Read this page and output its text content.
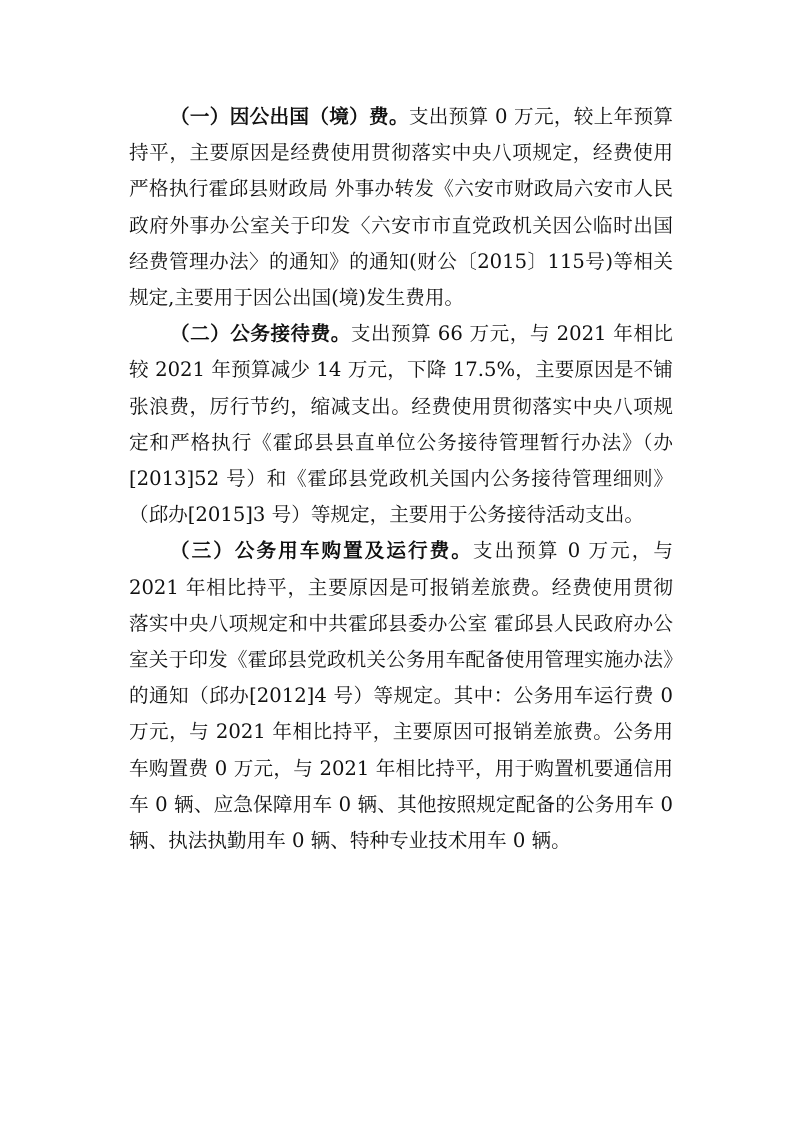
（一）因公出国（境）费。支出预算 0 万元，较上年预算持平，主要原因是经费使用贯彻落实中央八项规定，经费使用严格执行霍邱县财政局 外事办转发《六安市财政局六安市人民政府外事办公室关于印发〈六安市市直党政机关因公临时出国经费管理办法〉的通知》的通知(财公〔2015〕115号)等相关规定,主要用于因公出国(境)发生费用。

（二）公务接待费。支出预算 66 万元，与 2021 年相比较 2021 年预算减少 14 万元，下降 17.5%，主要原因是不铺张浪费，厉行节约，缩减支出。经费使用贯彻落实中央八项规定和严格执行《霍邱县县直单位公务接待管理暂行办法》（办[2013]52 号）和《霍邱县党政机关国内公务接待管理细则》（邱办[2015]3 号）等规定，主要用于公务接待活动支出。

（三）公务用车购置及运行费。支出预算 0 万元，与 2021 年相比持平，主要原因是可报销差旅费。经费使用贯彻落实中央八项规定和中共霍邱县委办公室 霍邱县人民政府办公室关于印发《霍邱县党政机关公务用车配备使用管理实施办法》的通知（邱办[2012]4 号）等规定。其中：公务用车运行费 0 万元，与 2021 年相比持平，主要原因可报销差旅费。公务用车购置费 0 万元，与 2021 年相比持平，用于购置机要通信用车 0 辆、应急保障用车 0 辆、其他按照规定配备的公务用车 0 辆、执法执勤用车 0 辆、特种专业技术用车 0 辆。
